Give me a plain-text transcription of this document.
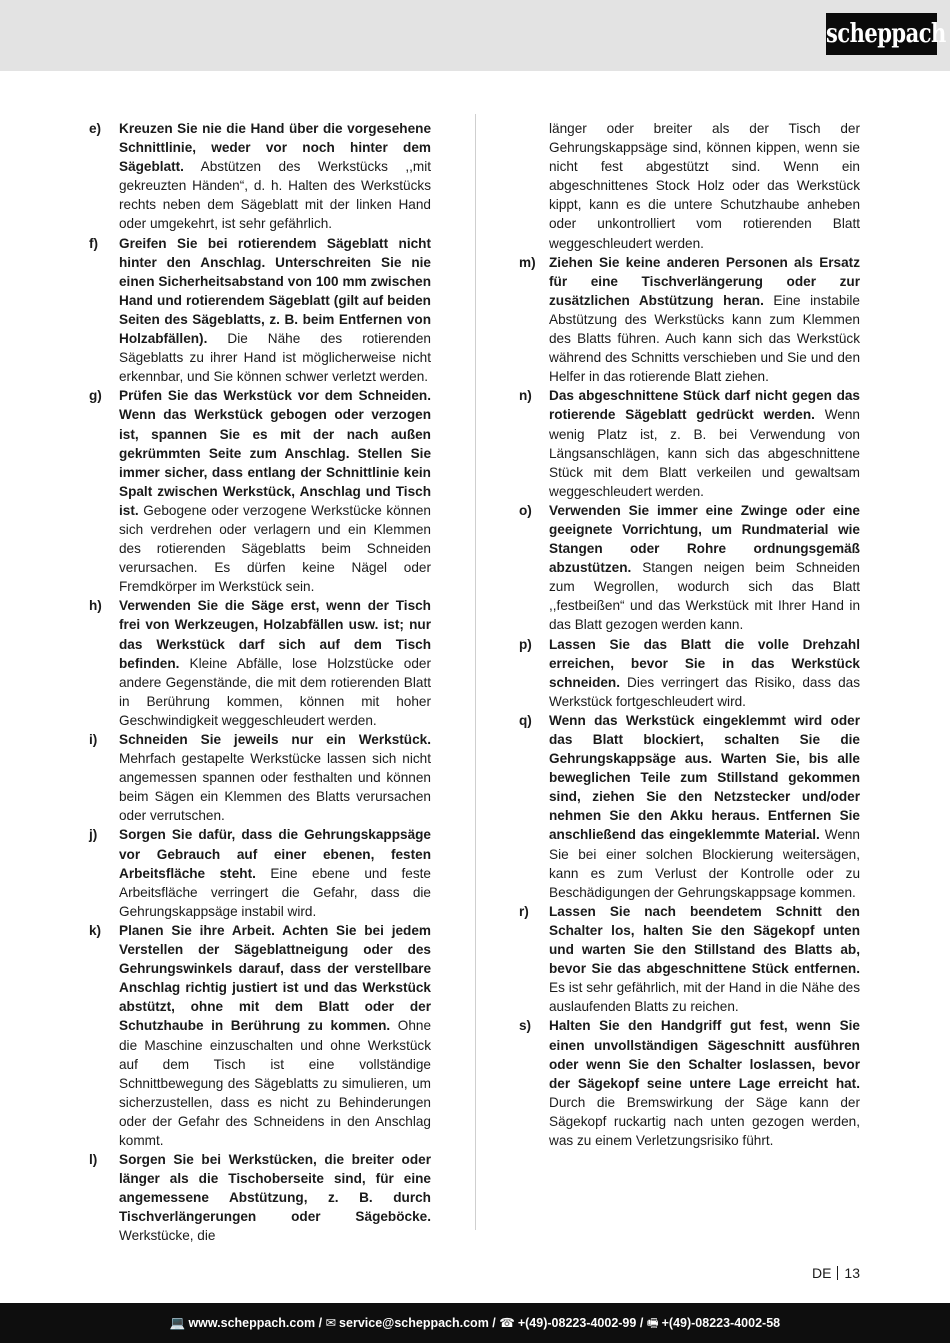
scheppach
e) Kreuzen Sie nie die Hand über die vorgesehene Schnittlinie, weder vor noch hinter dem Sägeblatt. Abstützen des Werkstücks ,,mit gekreuzten Händen“, d. h. Halten des Werkstücks rechts neben dem Sägeblatt mit der linken Hand oder umgekehrt, ist sehr gefährlich.
f) Greifen Sie bei rotierendem Sägeblatt nicht hinter den Anschlag. Unterschreiten Sie nie einen Sicherheitsabstand von 100 mm zwischen Hand und rotierendem Sägeblatt (gilt auf beiden Seiten des Sägeblatts, z. B. beim Entfernen von Holzabfällen). Die Nähe des rotierenden Sägeblatts zu ihrer Hand ist möglicherweise nicht erkennbar, und Sie können schwer verletzt werden.
g) Prüfen Sie das Werkstück vor dem Schneiden. Wenn das Werkstück gebogen oder verzogen ist, spannen Sie es mit der nach außen gekrümmten Seite zum Anschlag. Stellen Sie immer sicher, dass entlang der Schnittlinie kein Spalt zwischen Werkstück, Anschlag und Tisch ist. Gebogene oder verzogene Werkstücke können sich verdrehen oder verlagern und ein Klemmen des rotierenden Sägeblatts beim Schneiden verursachen. Es dürfen keine Nägel oder Fremdkörper im Werkstück sein.
h) Verwenden Sie die Säge erst, wenn der Tisch frei von Werkzeugen, Holzabfällen usw. ist; nur das Werkstück darf sich auf dem Tisch befinden. Kleine Abfälle, lose Holzstücke oder andere Gegenstände, die mit dem rotierenden Blatt in Berührung kommen, können mit hoher Geschwindigkeit weggeschleudert werden.
i) Schneiden Sie jeweils nur ein Werkstück. Mehrfach gestapelte Werkstücke lassen sich nicht angemessen spannen oder festhalten und können beim Sägen ein Klemmen des Blatts verursachen oder verrutschen.
j) Sorgen Sie dafür, dass die Gehrungskappsäge vor Gebrauch auf einer ebenen, festen Arbeitsfläche steht. Eine ebene und feste Arbeitsfläche verringert die Gefahr, dass die Gehrungskappsäge instabil wird.
k) Planen Sie ihre Arbeit. Achten Sie bei jedem Verstellen der Sägeblattneigung oder des Gehrungswinkels darauf, dass der verstellbare Anschlag richtig justiert ist und das Werkstück abstützt, ohne mit dem Blatt oder der Schutzhaube in Berührung zu kommen. Ohne die Maschine einzuschalten und ohne Werkstück auf dem Tisch ist eine vollständige Schnittbewegung des Sägeblatts zu simulieren, um sicherzustellen, dass es nicht zu Behinderungen oder der Gefahr des Schneidens in den Anschlag kommt.
l) Sorgen Sie bei Werkstücken, die breiter oder länger als die Tischoberseite sind, für eine angemessene Abstützung, z. B. durch Tischverlängerungen oder Sägeböcke. Werkstücke, die
länger oder breiter als der Tisch der Gehrungskappsäge sind, können kippen, wenn sie nicht fest abgestützt sind. Wenn ein abgeschnittenes Stock Holz oder das Werkstück kippt, kann es die untere Schutzhaube anheben oder unkontrolliert vom rotierenden Blatt weggeschleudert werden.
m) Ziehen Sie keine anderen Personen als Ersatz für eine Tischverlängerung oder zur zusätzlichen Abstützung heran. Eine instabile Abstützung des Werkstücks kann zum Klemmen des Blatts führen. Auch kann sich das Werkstück während des Schnitts verschieben und Sie und den Helfer in das rotierende Blatt ziehen.
n) Das abgeschnittene Stück darf nicht gegen das rotierende Sägeblatt gedrückt werden. Wenn wenig Platz ist, z. B. bei Verwendung von Längsanschlägen, kann sich das abgeschnittene Stück mit dem Blatt verkeilen und gewaltsam weggeschleudert werden.
o) Verwenden Sie immer eine Zwinge oder eine geeignete Vorrichtung, um Rundmaterial wie Stangen oder Rohre ordnungsgemäß abzustützen. Stangen neigen beim Schneiden zum Wegrollen, wodurch sich das Blatt ,,festbeißen“ und das Werkstück mit Ihrer Hand in das Blatt gezogen werden kann.
p) Lassen Sie das Blatt die volle Drehzahl erreichen, bevor Sie in das Werkstück schneiden. Dies verringert das Risiko, dass das Werkstück fortgeschleudert wird.
q) Wenn das Werkstück eingeklemmt wird oder das Blatt blockiert, schalten Sie die Gehrungskappsäge aus. Warten Sie, bis alle beweglichen Teile zum Stillstand gekommen sind, ziehen Sie den Netzstecker und/oder nehmen Sie den Akku heraus. Entfernen Sie anschließend das eingeklemmte Material. Wenn Sie bei einer solchen Blockierung weitersägen, kann es zum Verlust der Kontrolle oder zu Beschädigungen der Gehrungskappsage kommen.
r) Lassen Sie nach beendetem Schnitt den Schalter los, halten Sie den Sägekopf unten und warten Sie den Stillstand des Blatts ab, bevor Sie das abgeschnittene Stück entfernen. Es ist sehr gefährlich, mit der Hand in die Nähe des auslaufenden Blatts zu reichen.
s) Halten Sie den Handgriff gut fest, wenn Sie einen unvollständigen Sägeschnitt ausführen oder wenn Sie den Schalter loslassen, bevor der Sägekopf seine untere Lage erreicht hat. Durch die Bremswirkung der Säge kann der Sägekopf ruckartig nach unten gezogen werden, was zu einem Verletzungsrisiko führt.
DE 13
💻 www.scheppach.com / ✉ service@scheppach.com / ☎ +(49)-08223-4002-99 / 🖷 +(49)-08223-4002-58
